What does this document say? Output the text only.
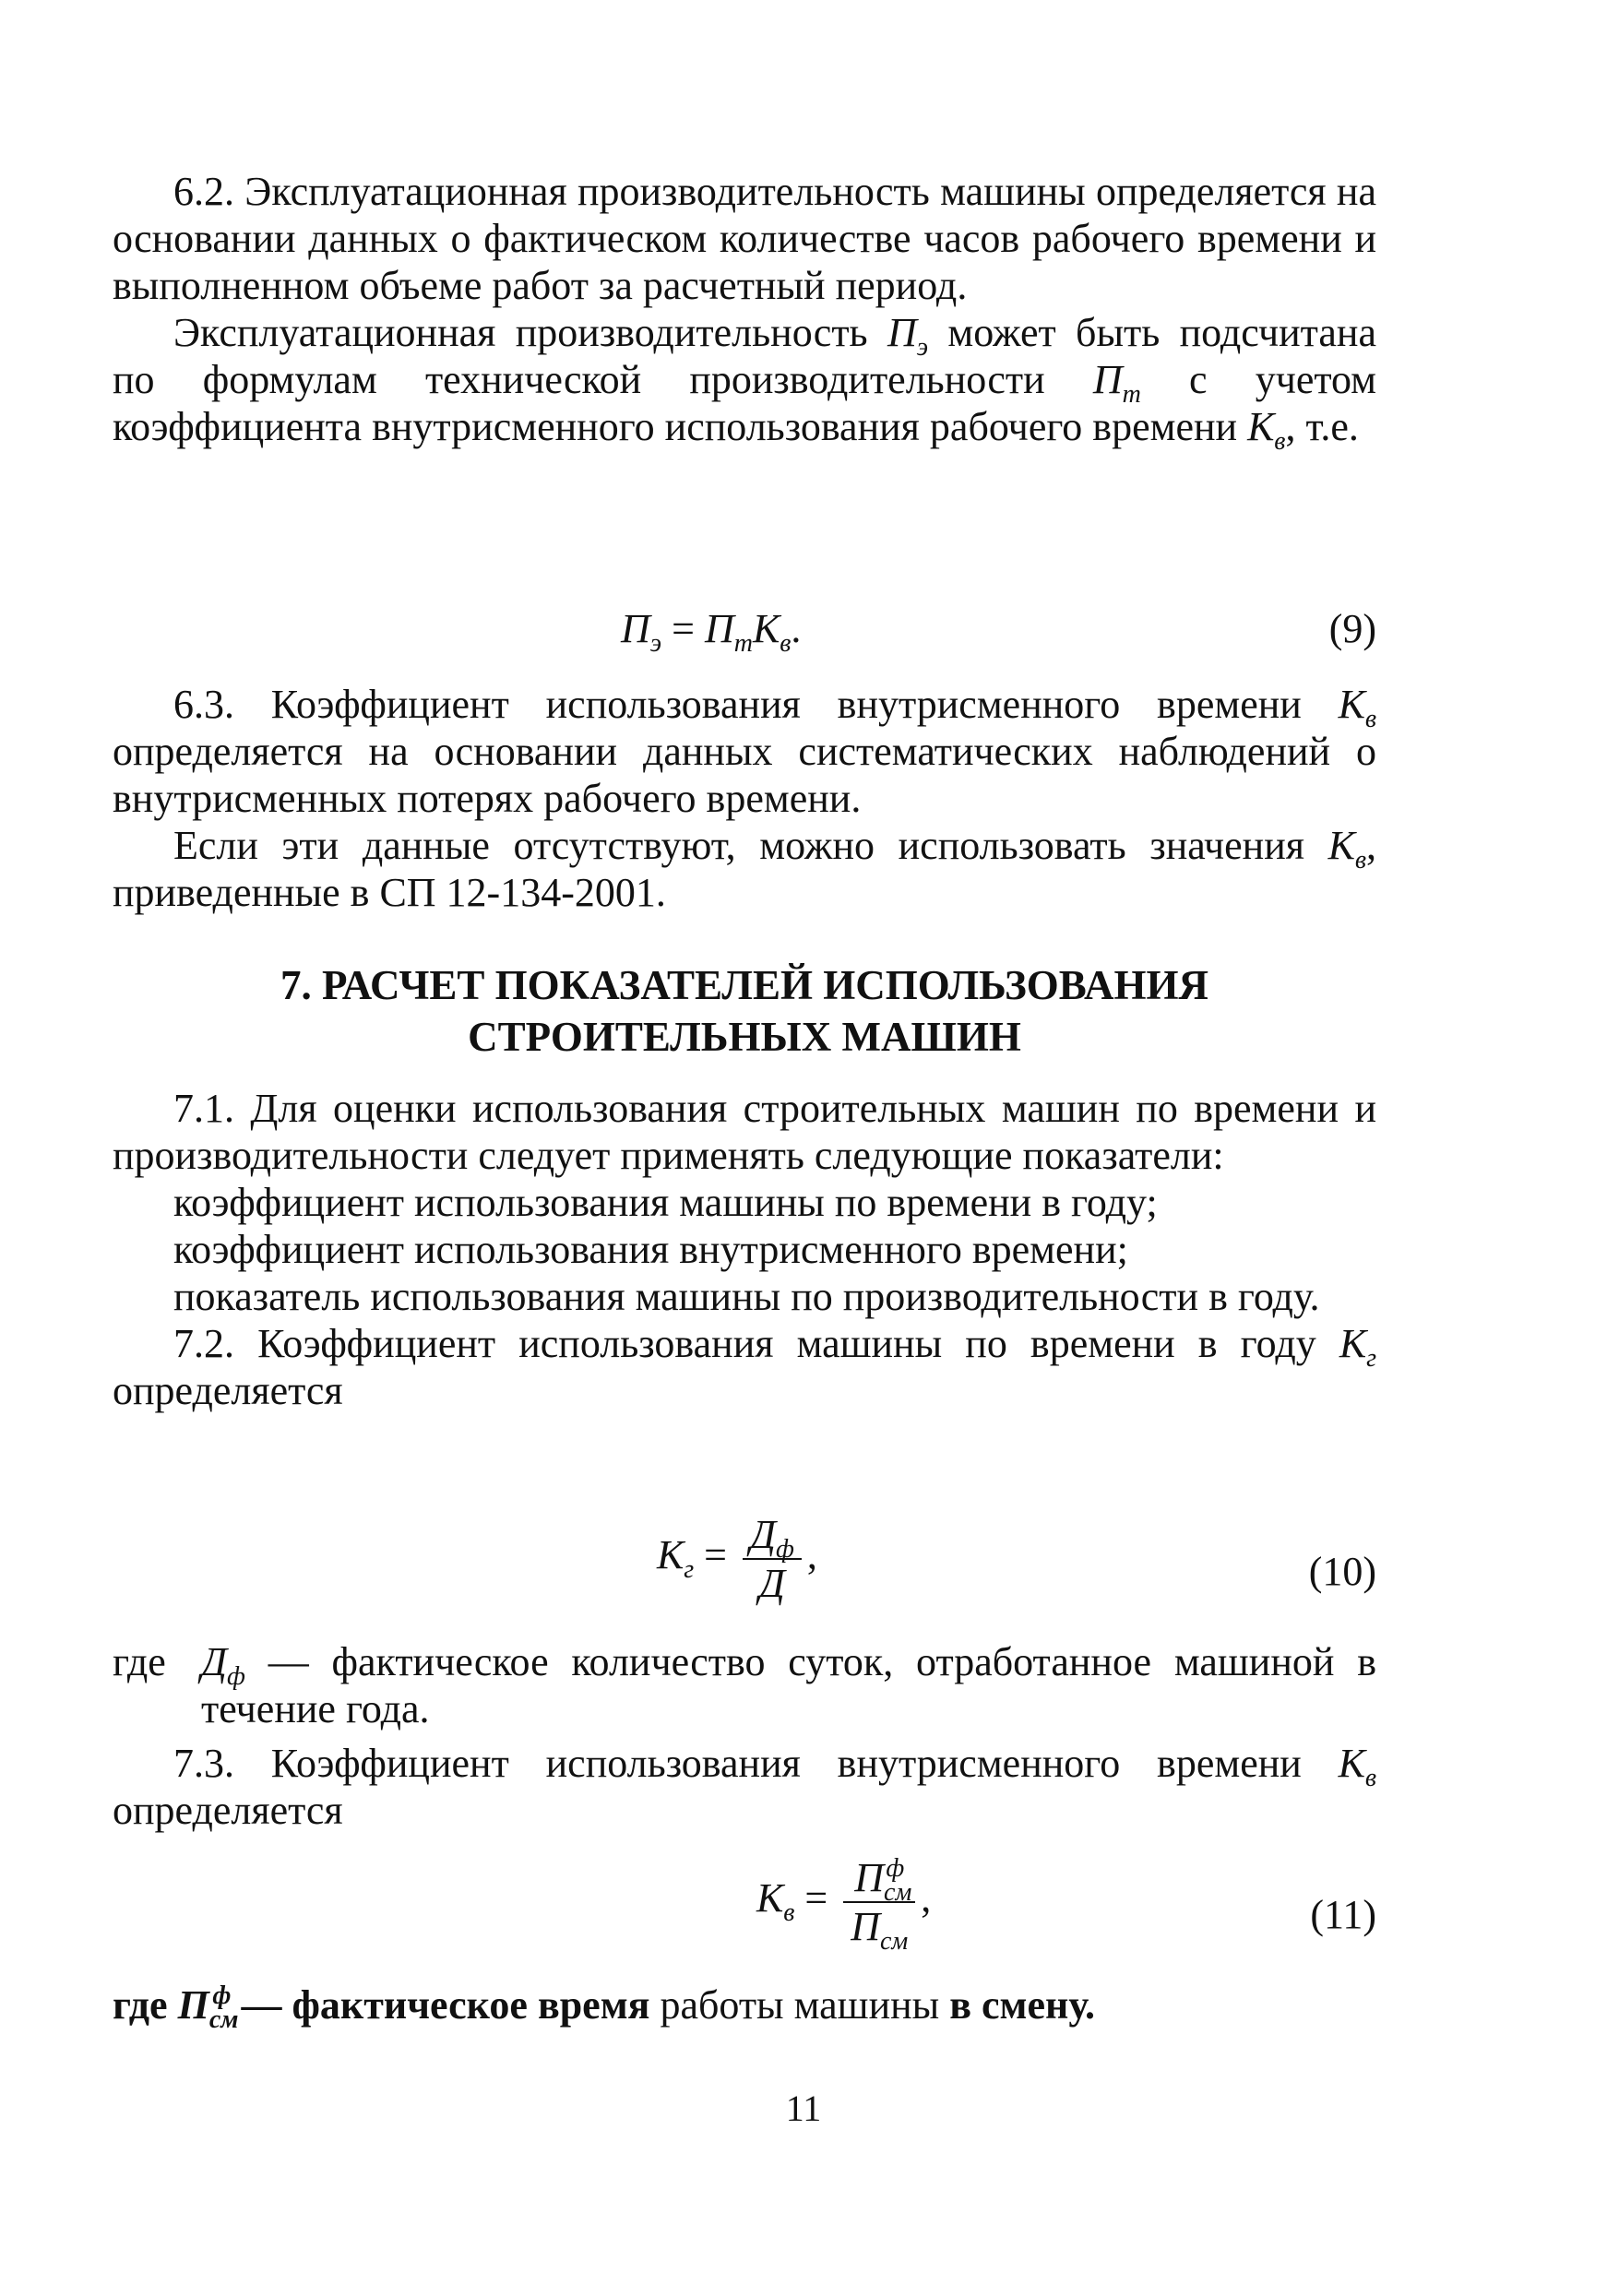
6.2. Эксплуатационная производительность машины определяется на основании данных о фактическом количестве часов рабочего времени и выполненном объеме работ за расчетный период.

Эксплуатационная производительность $П_э$ может быть подсчитана по формулам технической производительности $П_т$ с учетом коэффициента внутрисменного использования рабочего времени $К_в$, т.е.

$П_э = П_тК_в$.	(9)

6.3. Коэффициент использования внутрисменного времени $К_в$ определяется на основании данных систематических наблюдений о внутрисменных потерях рабочего времени.

Если эти данные отсутствуют, можно использовать значения $К_в$, приведенные в СП 12-134-2001.

7. РАСЧЕТ ПОКАЗАТЕЛЕЙ ИСПОЛЬЗОВАНИЯ
СТРОИТЕЛЬНЫХ МАШИН

7.1. Для оценки использования строительных машин по времени и производительности следует применять следующие показатели:

коэффициент использования машины по времени в году;

коэффициент использования внутрисменного времени;

показатель использования машины по производительности в году.

7.2. Коэффициент использования машины по времени в году $К_г$ определяется

$К_г = \frac{Д_ф}{Д}$ ,	(10)
где $Д_ф$ — фактическое количество суток, отработанное машиной в течение года.

7.3. Коэффициент использования внутрисменного времени $К_в$ определяется

$К_в = \frac{П_{см}^ф}{П_{см}}$ ,	(11)
где $П_{см}^ф$ — фактическое время работы машины в смену.
11
